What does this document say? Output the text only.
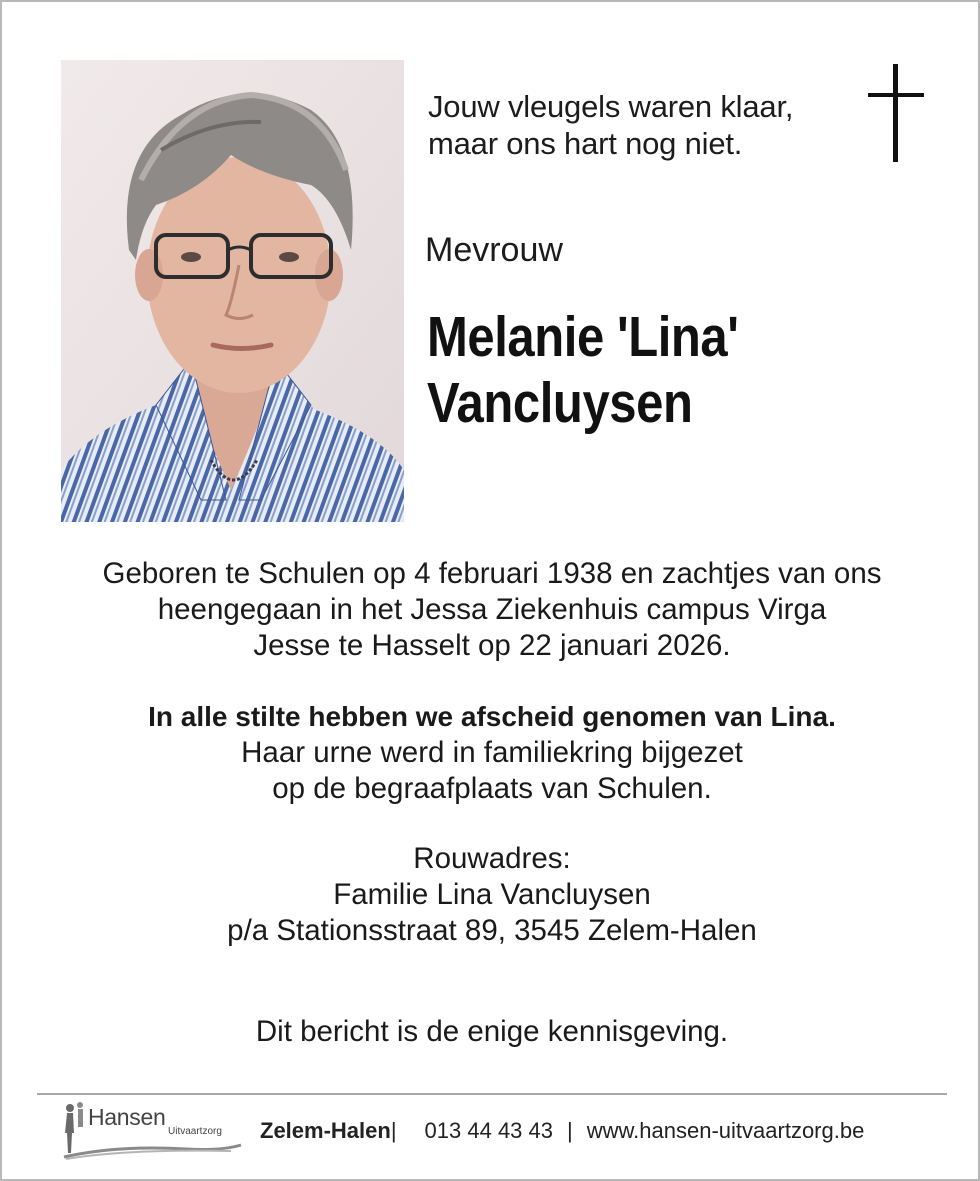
Jouw vleugels waren klaar,
maar ons hart nog niet.
Mevrouw
Melanie 'Lina'
Vancluysen
Geboren te Schulen op 4 februari 1938 en zachtjes van ons
heengegaan in het Jessa Ziekenhuis campus Virga
Jesse te Hasselt op 22 januari 2026.
In alle stilte hebben we afscheid genomen van Lina.
Haar urne werd in familiekring bijgezet
op de begraafplaats van Schulen.
Rouwadres:
Familie Lina Vancluysen
p/a Stationsstraat 89, 3545 Zelem-Halen
Dit bericht is de enige kennisgeving.
Hansen
Uitvaartzorg Zelem-Halen| 013 44 43 43 | www.hansen-uitvaartzorg.be
